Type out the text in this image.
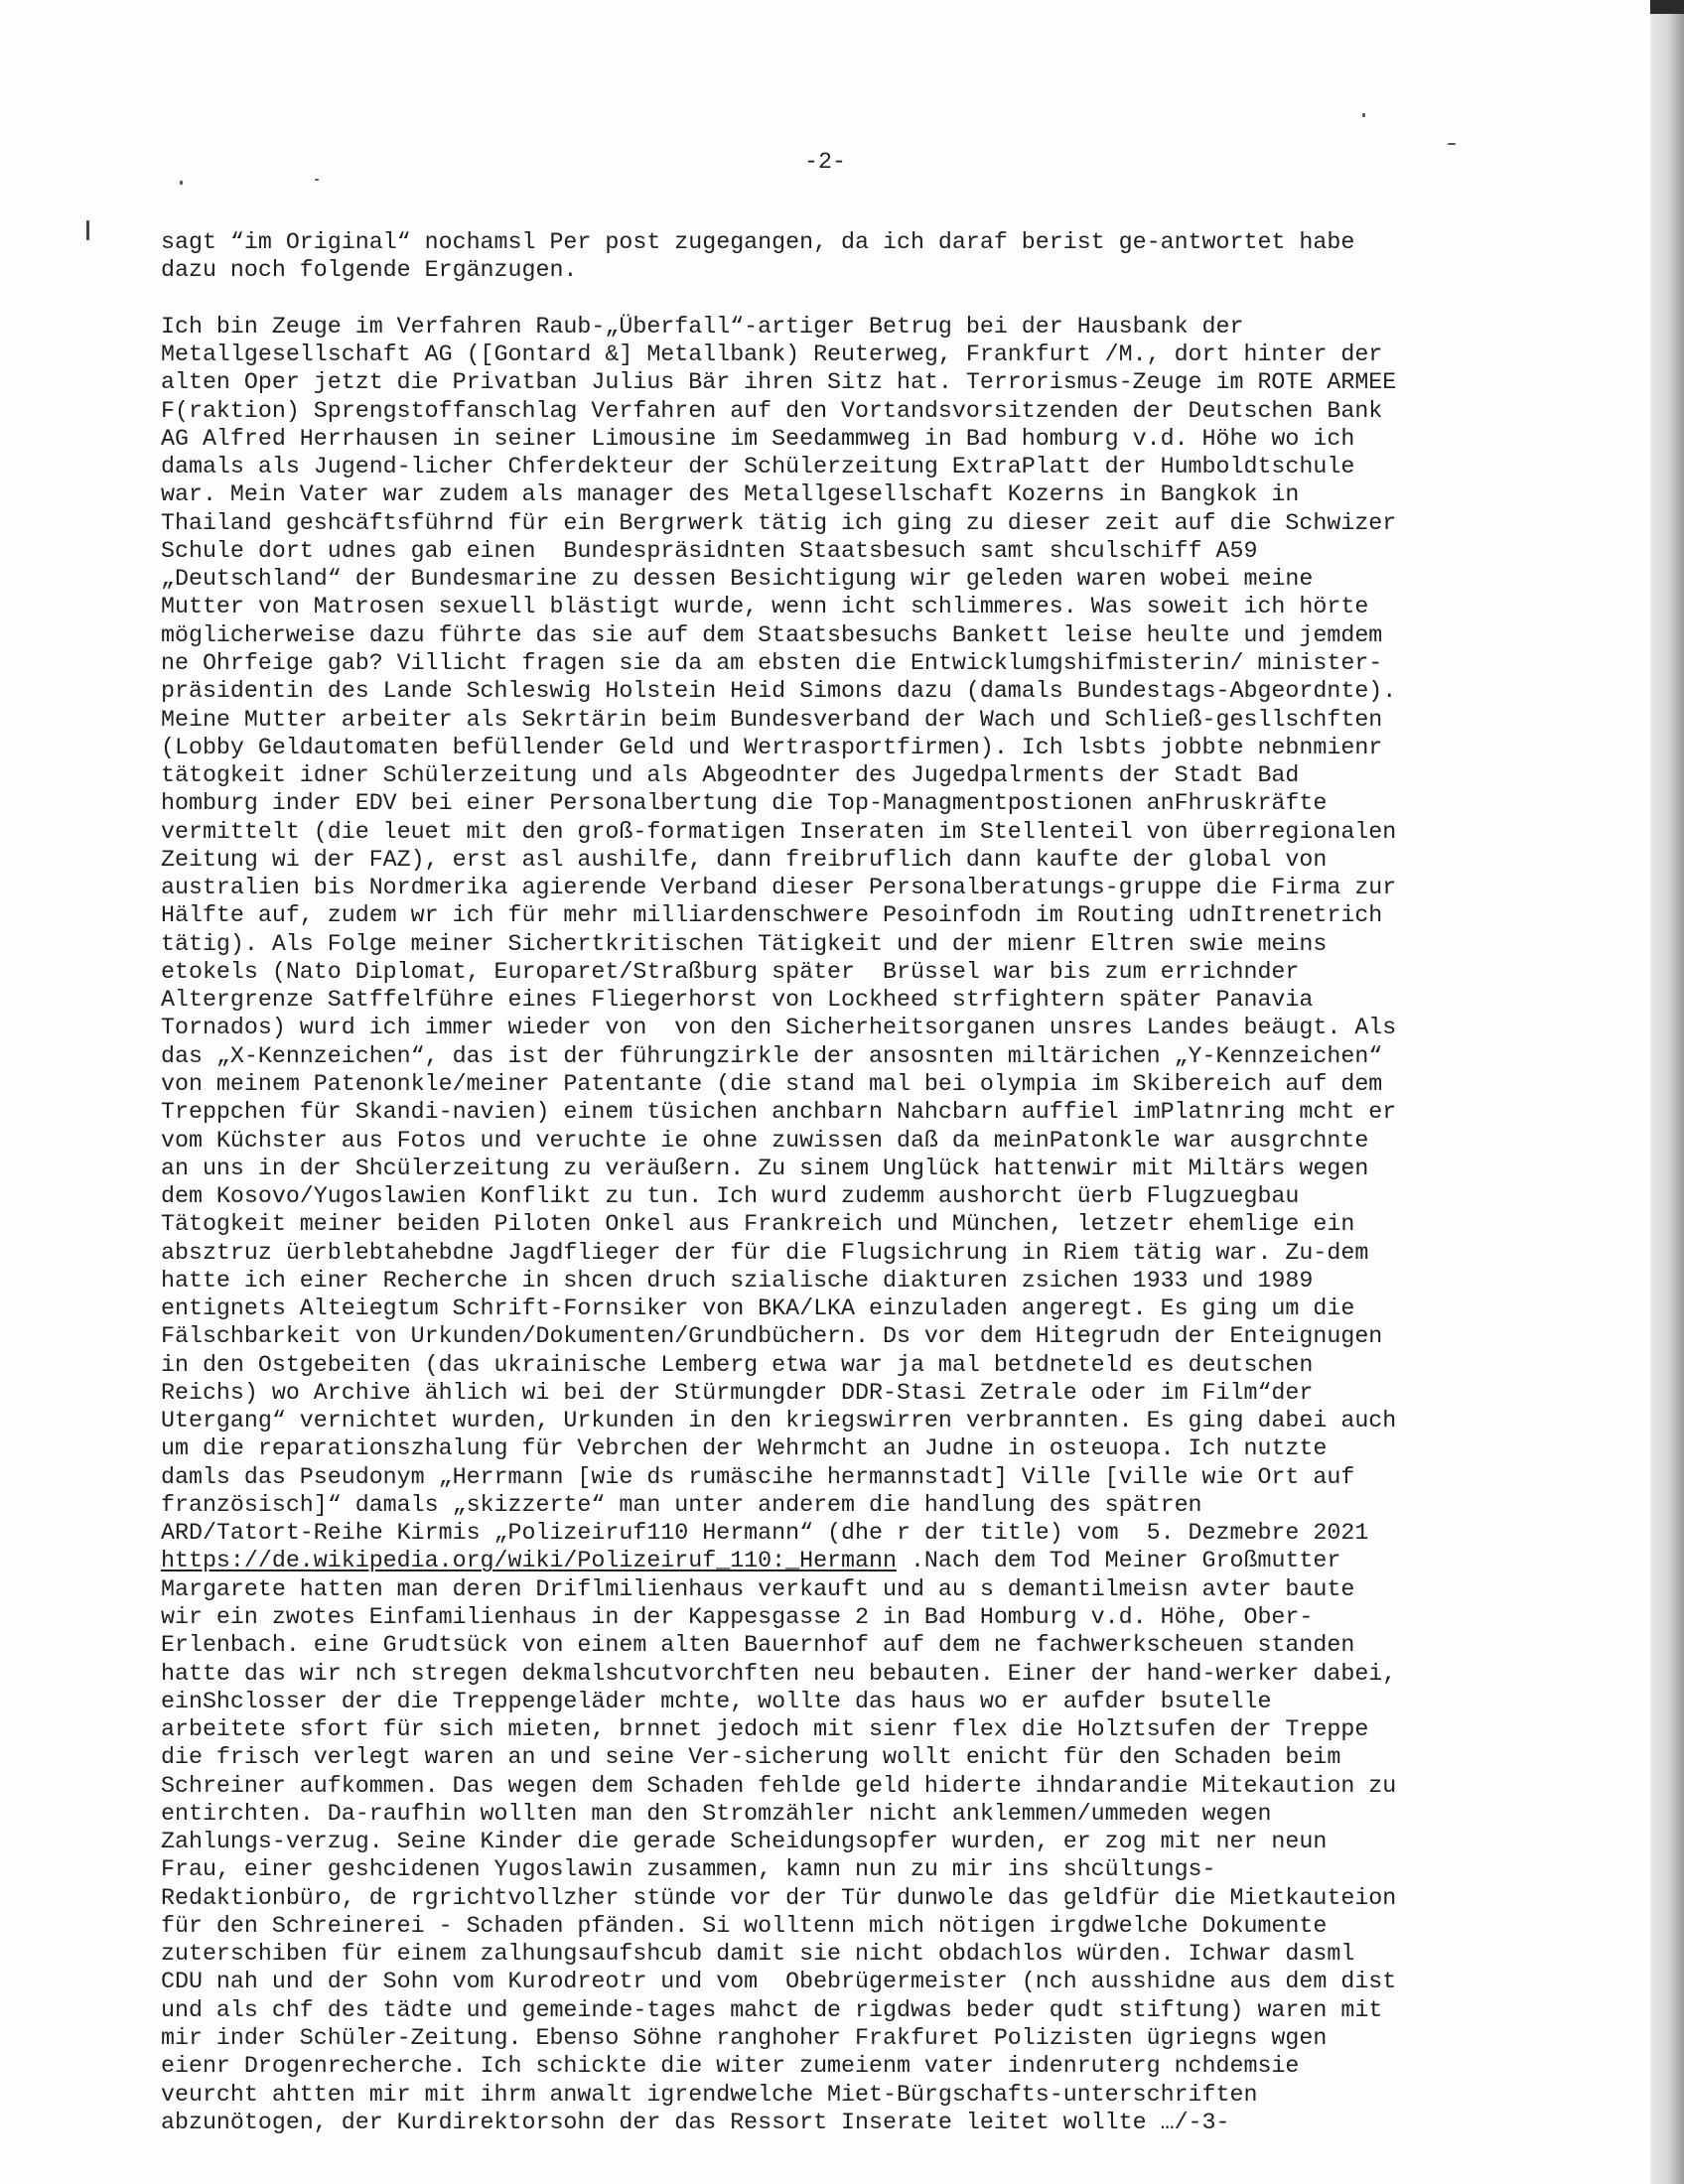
-2-
sagt “im Original“ nochamsl Per post zugegangen, da ich daraf berist ge-antwortet habe
dazu noch folgende Ergänzugen.
Ich bin Zeuge im Verfahren Raub-„Überfall“-artiger Betrug bei der Hausbank der
Metallgesellschaft AG ([Gontard &] Metallbank) Reuterweg, Frankfurt /M., dort hinter der
alten Oper jetzt die Privatban Julius Bär ihren Sitz hat. Terrorismus-Zeuge im ROTE ARMEE
F(raktion) Sprengstoffanschlag Verfahren auf den Vortandsvorsitzenden der Deutschen Bank
AG Alfred Herrhausen in seiner Limousine im Seedammweg in Bad homburg v.d. Höhe wo ich
damals als Jugend-licher Chferdekteur der Schülerzeitung ExtraPlatt der Humboldtschule
war. Mein Vater war zudem als manager des Metallgesellschaft Kozerns in Bangkok in
Thailand geshcäftsführnd für ein Bergrwerk tätig ich ging zu dieser zeit auf die Schwizer
Schule dort udnes gab einen  Bundespräsidnten Staatsbesuch samt shculschiff A59
„Deutschland“ der Bundesmarine zu dessen Besichtigung wir geleden waren wobei meine
Mutter von Matrosen sexuell blästigt wurde, wenn icht schlimmeres. Was soweit ich hörte
möglicherweise dazu führte das sie auf dem Staatsbesuchs Bankett leise heulte und jemdem
ne Ohrfeige gab? Villicht fragen sie da am ebsten die Entwicklumgshifmisterin/ minister-
präsidentin des Lande Schleswig Holstein Heid Simons dazu (damals Bundestags-Abgeordnte).
Meine Mutter arbeiter als Sekrtärin beim Bundesverband der Wach und Schließ-gesllschften
(Lobby Geldautomaten befüllender Geld und Wertrasportfirmen). Ich lsbts jobbte nebnmienr
tätogkeit idner Schülerzeitung und als Abgeodnter des Jugedpalrments der Stadt Bad
homburg inder EDV bei einer Personalbertung die Top-Managmentpostionen anFhruskräfte
vermittelt (die leuet mit den groß-formatigen Inseraten im Stellenteil von überregionalen
Zeitung wi der FAZ), erst asl aushilfe, dann freibruflich dann kaufte der global von
australien bis Nordmerika agierende Verband dieser Personalberatungs-gruppe die Firma zur
Hälfte auf, zudem wr ich für mehr milliardenschwere Pesoinfodn im Routing udnItrenetrich
tätig). Als Folge meiner Sichertkritischen Tätigkeit und der mienr Eltren swie meins
etokels (Nato Diplomat, Europaret/Straßburg später  Brüssel war bis zum errichnder
Altergrenze Satffelführe eines Fliegerhorst von Lockheed strfightern später Panavia
Tornados) wurd ich immer wieder von  von den Sicherheitsorganen unsres Landes beäugt. Als
das „X-Kennzeichen“, das ist der führungzirkle der ansosnten miltärichen „Y-Kennzeichen“
von meinem Patenonkle/meiner Patentante (die stand mal bei olympia im Skibereich auf dem
Treppchen für Skandi-navien) einem tüsichen anchbarn Nahcbarn auffiel imPlatnring mcht er
vom Küchster aus Fotos und veruchte ie ohne zuwissen daß da meinPatonkle war ausgrchnte
an uns in der Shcülerzeitung zu veräußern. Zu sinem Unglück hattenwir mit Miltärs wegen
dem Kosovo/Yugoslawien Konflikt zu tun. Ich wurd zudemm aushorcht üerb Flugzuegbau
Tätogkeit meiner beiden Piloten Onkel aus Frankreich und München, letzetr ehemlige ein
absztruz üerblebtahebdne Jagdflieger der für die Flugsichrung in Riem tätig war. Zu-dem
hatte ich einer Recherche in shcen druch szialische diakturen zsichen 1933 und 1989
entignets Alteiegtum Schrift-Fornsiker von BKA/LKA einzuladen angeregt. Es ging um die
Fälschbarkeit von Urkunden/Dokumenten/Grundbüchern. Ds vor dem Hitegrudn der Enteignugen
in den Ostgebeiten (das ukrainische Lemberg etwa war ja mal betdneteld es deutschen
Reichs) wo Archive ählich wi bei der Stürmungder DDR-Stasi Zetrale oder im Film“der
Utergang“ vernichtet wurden, Urkunden in den kriegswirren verbrannten. Es ging dabei auch
um die reparationszhalung für Vebrchen der Wehrmcht an Judne in osteuopa. Ich nutzte
damls das Pseudonym „Herrmann [wie ds rumäscihe hermannstadt] Ville [ville wie Ort auf
französisch]“ damals „skizzerte“ man unter anderem die handlung des spätren
ARD/Tatort-Reihe Kirmis „Polizeiruf110 Hermann“ (dhe r der title) vom  5. Dezmebre 2021
https://de.wikipedia.org/wiki/Polizeiruf_110:_Hermann .Nach dem Tod Meiner Großmutter
Margarete hatten man deren Driflmilienhaus verkauft und au s demantilmeisn avter baute
wir ein zwotes Einfamilienhaus in der Kappesgasse 2 in Bad Homburg v.d. Höhe, Ober-
Erlenbach. eine Grudtsück von einem alten Bauernhof auf dem ne fachwerkscheuen standen
hatte das wir nch stregen dekmalshcutvorchften neu bebauten. Einer der hand-werker dabei,
einShclosser der die Treppengeläder mchte, wollte das haus wo er aufder bsutelle
arbeitete sfort für sich mieten, brnnet jedoch mit sienr flex die Holztsufen der Treppe
die frisch verlegt waren an und seine Ver-sicherung wollt enicht für den Schaden beim
Schreiner aufkommen. Das wegen dem Schaden fehlde geld hiderte ihndarandie Mitekaution zu
entirchten. Da-raufhin wollten man den Stromzähler nicht anklemmen/ummeden wegen
Zahlungs-verzug. Seine Kinder die gerade Scheidungsopfer wurden, er zog mit ner neun
Frau, einer geshcidenen Yugoslawin zusammen, kamn nun zu mir ins shcültungs-
Redaktionbüro, de rgrichtvollzher stünde vor der Tür dunwole das geldfür die Mietkauteion
für den Schreinerei - Schaden pfänden. Si wolltenn mich nötigen irgdwelche Dokumente
zuterschiben für einem zalhungsaufshcub damit sie nicht obdachlos würden. Ichwar dasml
CDU nah und der Sohn vom Kurodreotr und vom  Obebrügermeister (nch ausshidne aus dem dist
und als chf des tädte und gemeinde-tages mahct de rigdwas beder qudt stiftung) waren mit
mir inder Schüler-Zeitung. Ebenso Söhne ranghoher Frakfuret Polizisten ügriegns wgen
eienr Drogenrecherche. Ich schickte die witer zumeienm vater indenruterg nchdemsie
veurcht ahtten mir mit ihrm anwalt igrendwelche Miet-Bürgschafts-unterschriften
abzunötogen, der Kurdirektorsohn der das Ressort Inserate leitet wollte …/-3-
